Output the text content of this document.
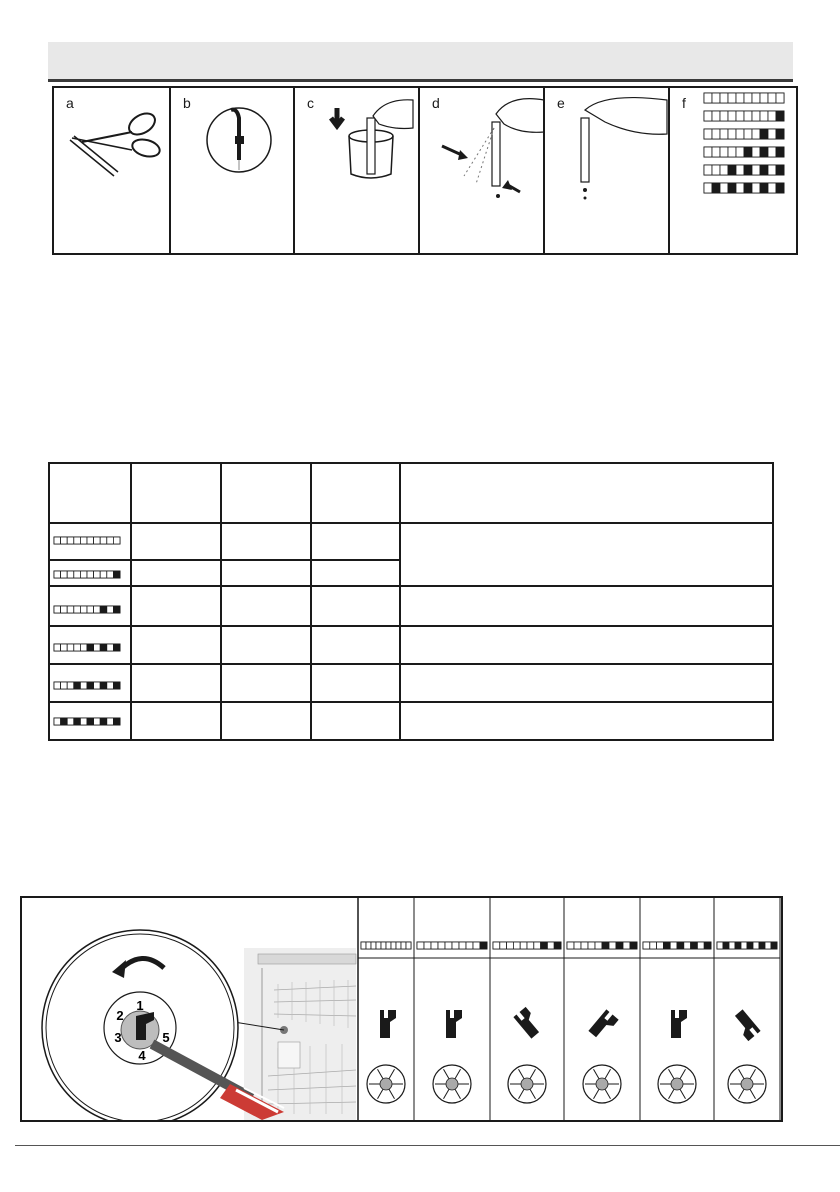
a	b	c	d	e	f
1
2
3
4
5
